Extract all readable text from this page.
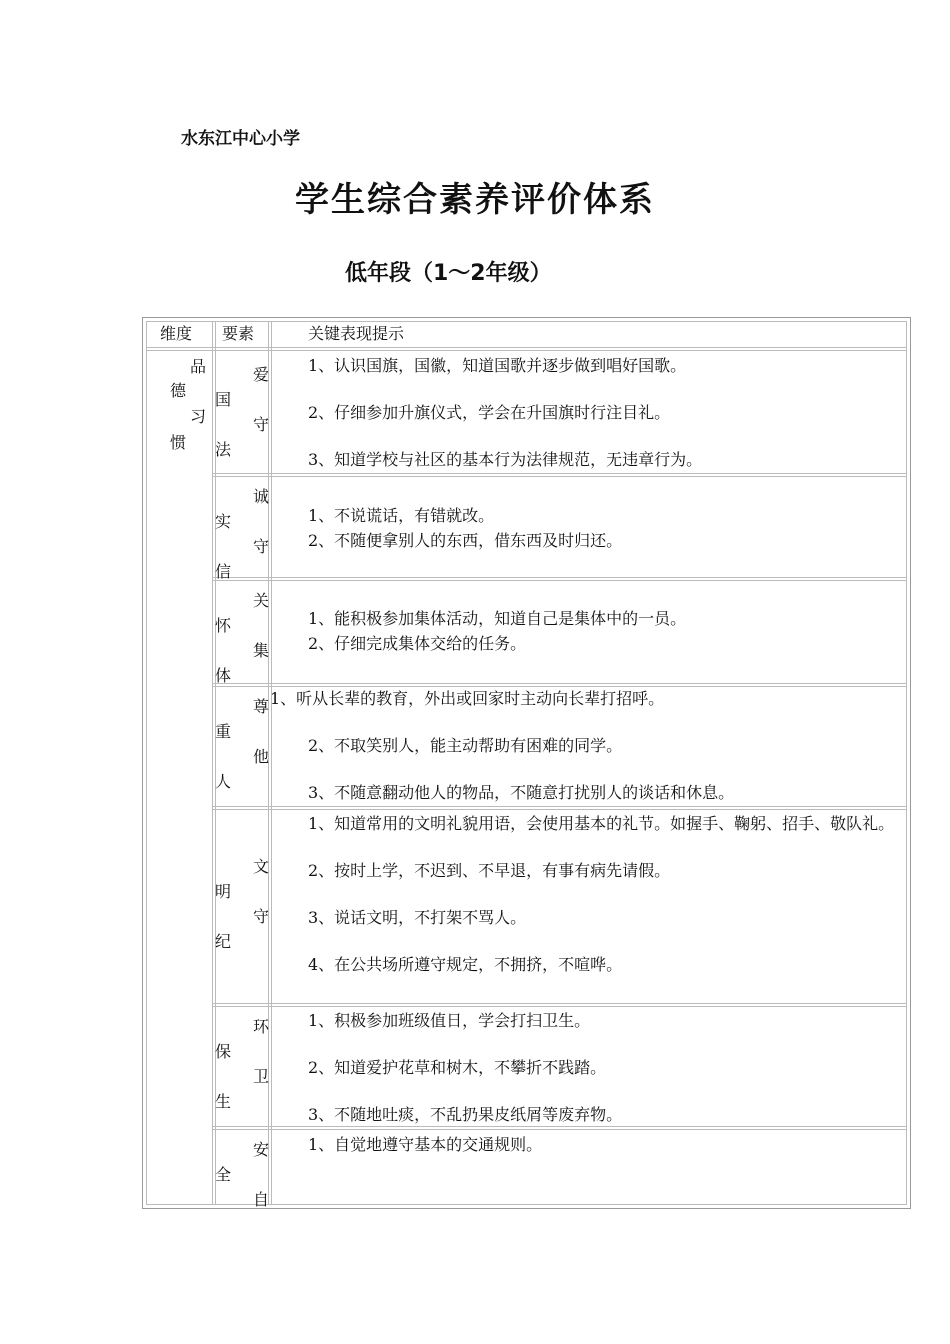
水东江中心小学
学生综合素养评价体系
低年段（1～2年级）
维度 要素	关键表现提示
品
德
习
惯
爱
国
守
法
诚
实
守
信
关
怀
集
体
尊
重
他
人
文
明
守
纪
环
保
卫
生
安
全
自

1、认识国旗，国徽，知道国歌并逐步做到唱好国歌。

2、仔细参加升旗仪式，学会在升国旗时行注目礼。

3、知道学校与社区的基本行为法律规范，无违章行为。

1、不说谎话，有错就改。

2、不随便拿别人的东西，借东西及时归还。

1、能积极参加集体活动，知道自己是集体中的一员。

2、仔细完成集体交给的任务。

1、听从长辈的教育，外出或回家时主动向长辈打招呼。

2、不取笑别人，能主动帮助有困难的同学。

3、不随意翻动他人的物品，不随意打扰别人的谈话和休息。

1、知道常用的文明礼貌用语，会使用基本的礼节。如握手、鞠躬、招手、敬队礼。

2、按时上学，不迟到、不早退，有事有病先请假。

3、说话文明，不打架不骂人。

4、在公共场所遵守规定，不拥挤，不喧哗。

1、积极参加班级值日，学会打扫卫生。

2、知道爱护花草和树木，不攀折不践踏。

3、不随地吐痰，不乱扔果皮纸屑等废弃物。

1、自觉地遵守基本的交通规则。
